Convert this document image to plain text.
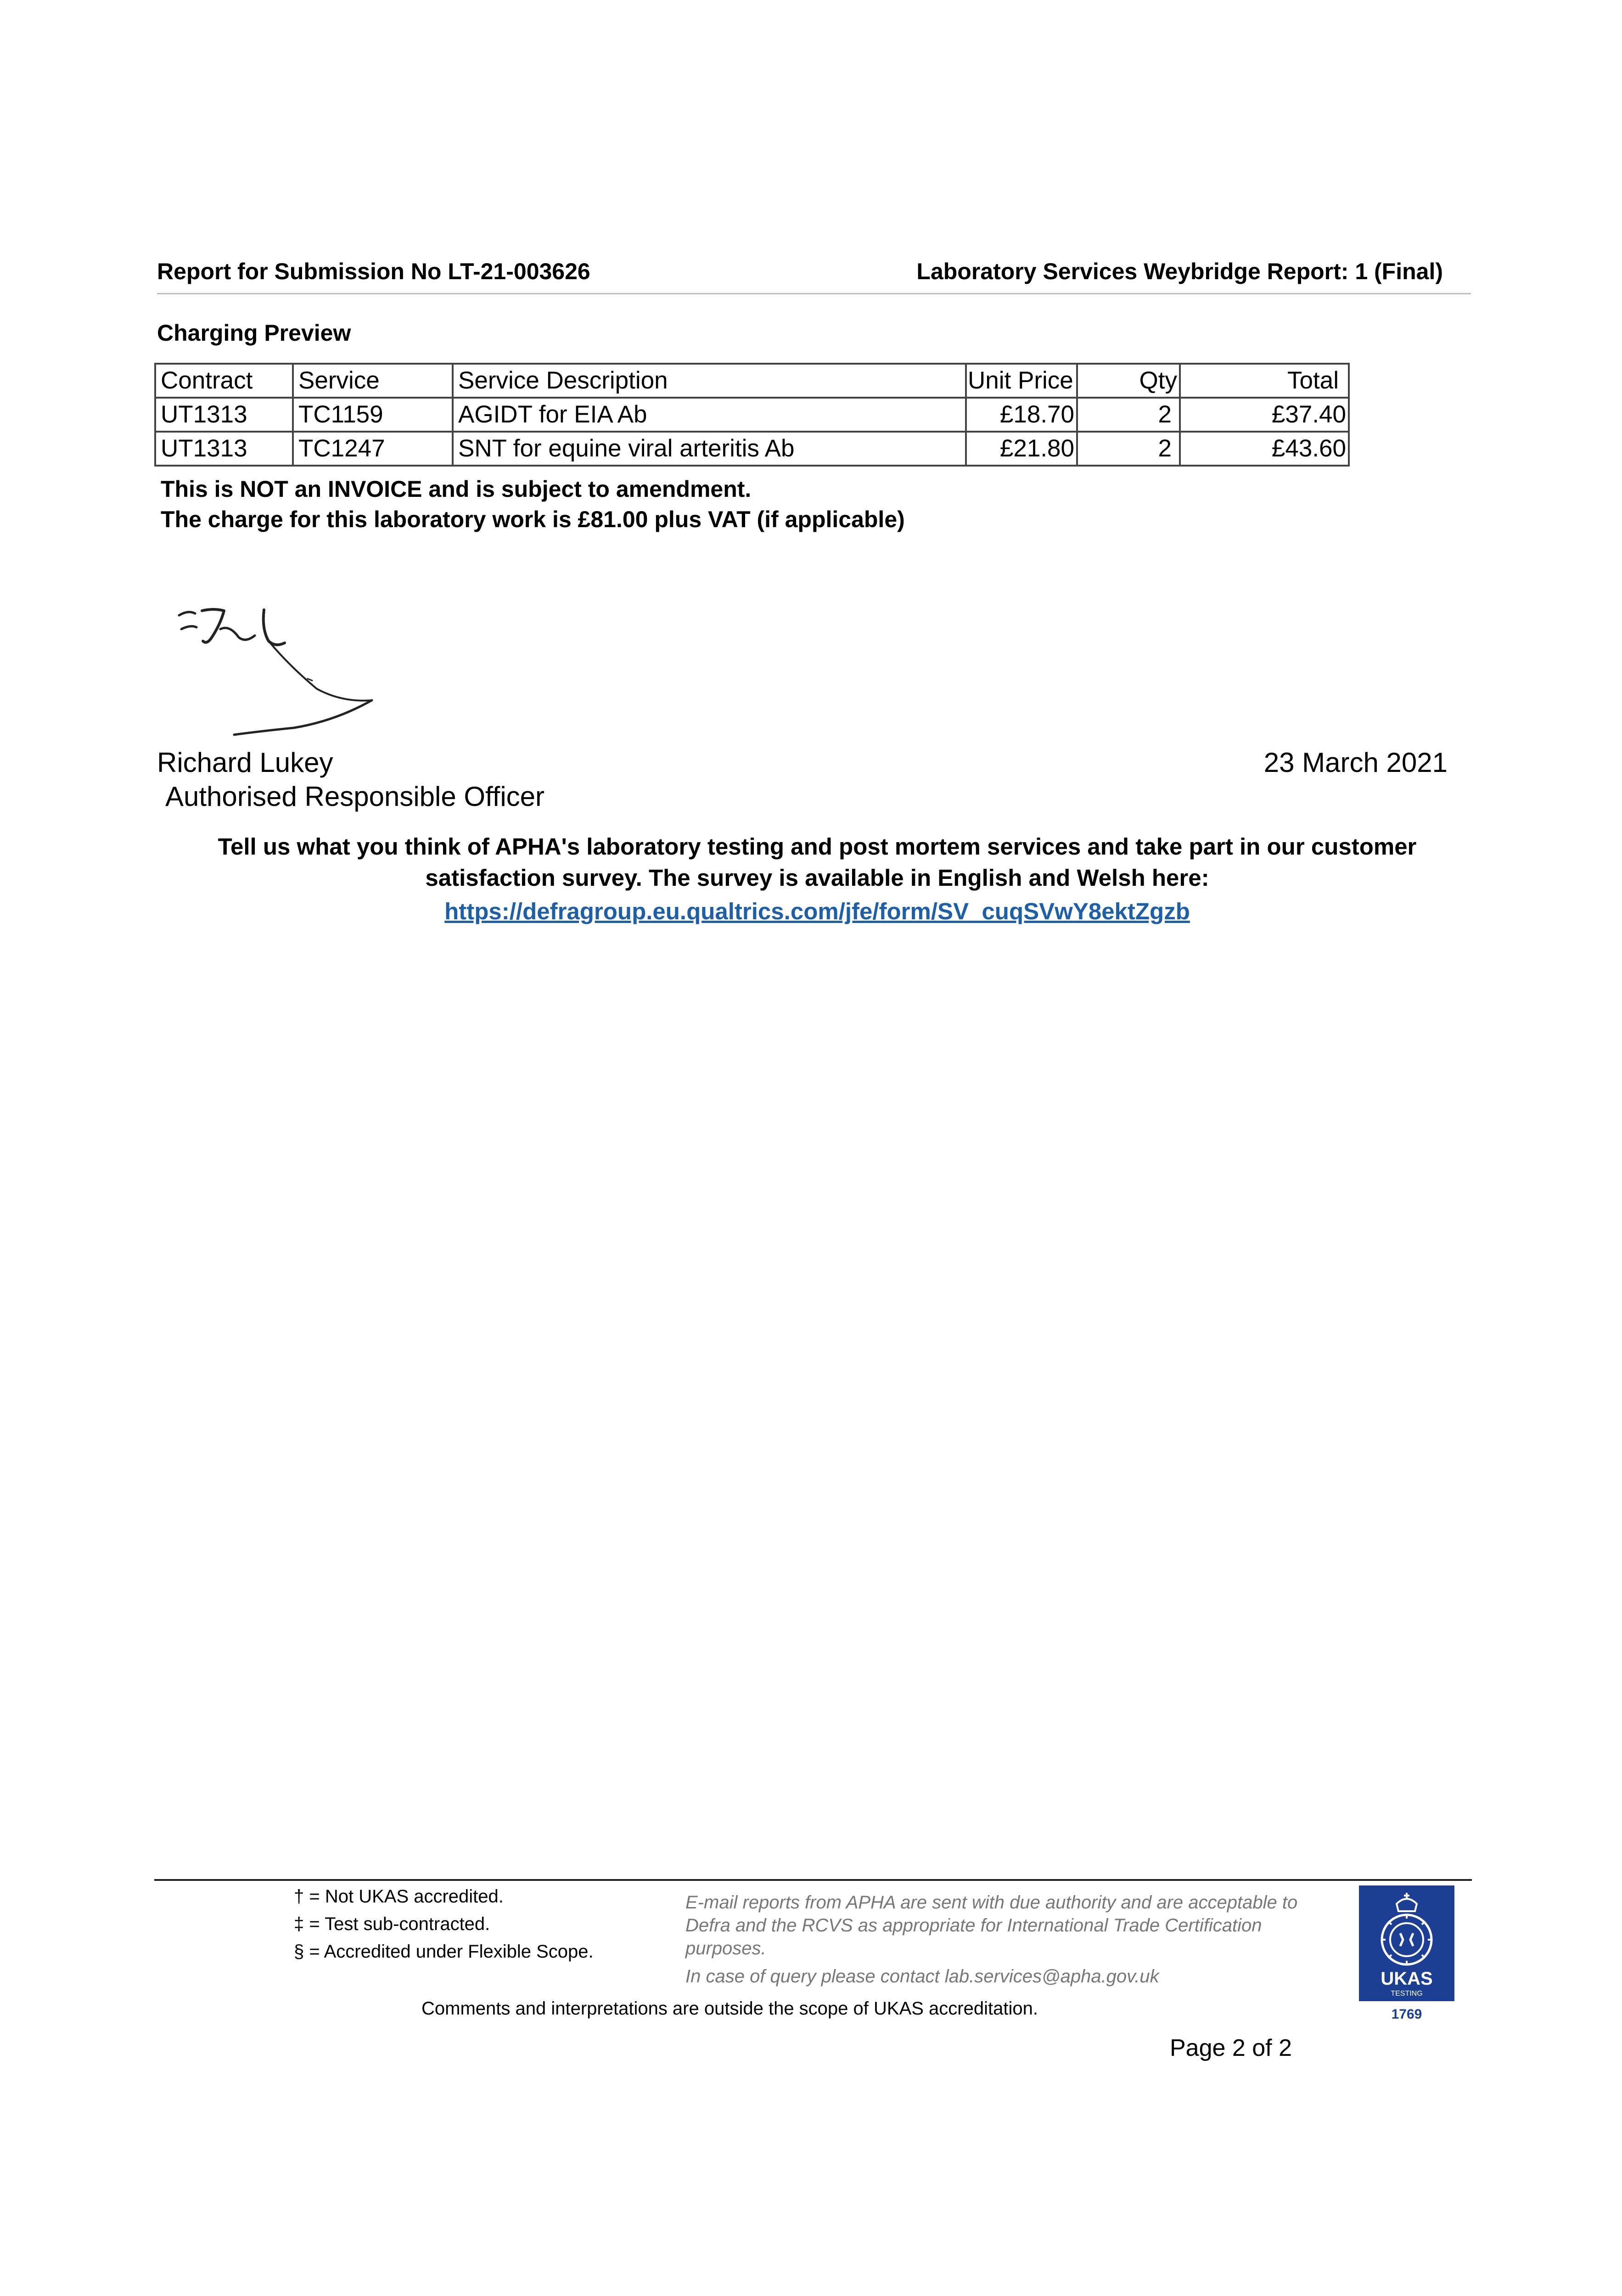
Report for Submission No LT-21-003626	Laboratory Services Weybridge Report: 1 (Final)
Charging Preview
Contract	Service	Service Description	Unit Price	Qty	Total
UT1313	TC1159	AGIDT for EIA Ab	£18.70	2	£37.40
UT1313	TC1247	SNT for equine viral arteritis Ab	£21.80	2	£43.60
This is NOT an INVOICE and is subject to amendment.
The charge for this laboratory work is £81.00 plus VAT (if applicable)
Richard Lukey
Authorised Responsible Officer
23 March 2021
Tell us what you think of APHA's laboratory testing and post mortem services and take part in our customer satisfaction survey. The survey is available in English and Welsh here:
https://defragroup.eu.qualtrics.com/jfe/form/SV_cuqSVwY8ektZgzb
† = Not UKAS accredited.
‡ = Test sub-contracted.
§ = Accredited under Flexible Scope.
E-mail reports from APHA are sent with due authority and are acceptable to Defra and the RCVS as appropriate for International Trade Certification purposes.
In case of query please contact lab.services@apha.gov.uk
Comments and interpretations are outside the scope of UKAS accreditation.
UKAS
TESTING
1769
Page 2 of 2
